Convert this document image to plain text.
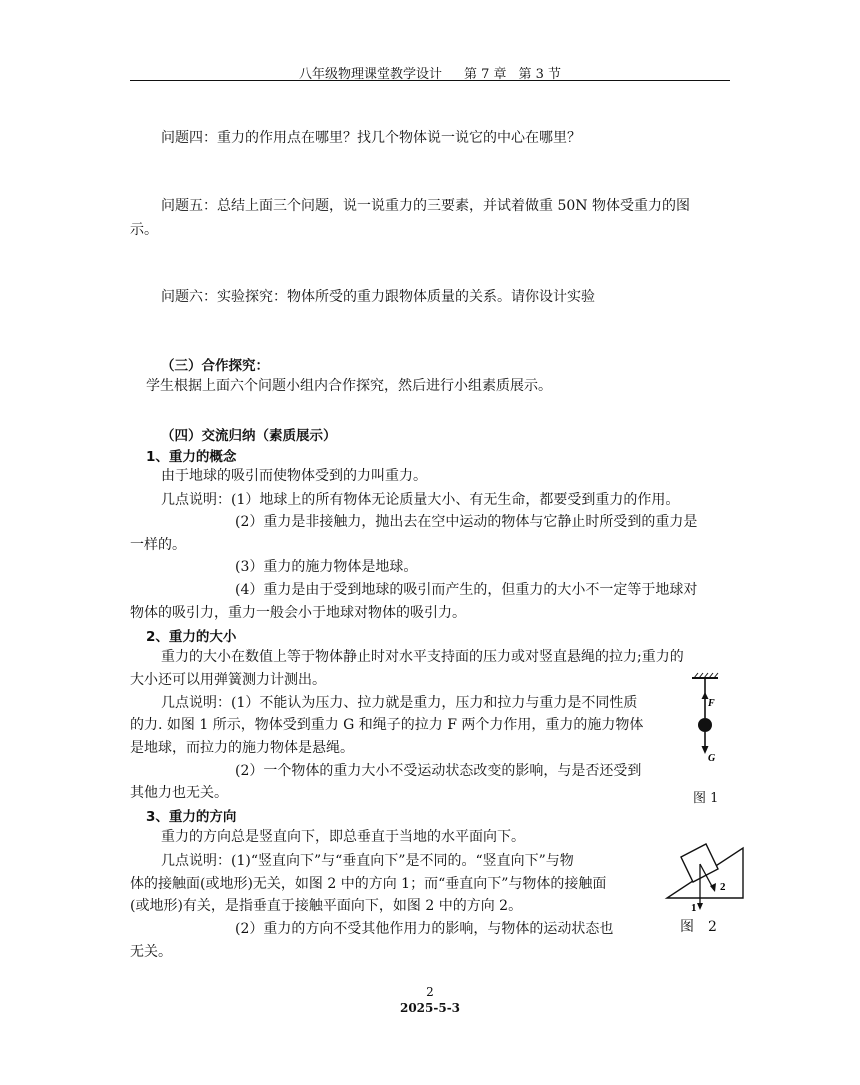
八年级物理课堂教学设计 第 7 章 第 3 节
问题四：重力的作用点在哪里？找几个物体说一说它的中心在哪里？
问题五：总结上面三个问题，说一说重力的三要素，并试着做重 50N 物体受重力的图
示。
问题六：实验探究：物体所受的重力跟物体质量的关系。请你设计实验
（三）合作探究：
学生根据上面六个问题小组内合作探究，然后进行小组素质展示。
（四）交流归纳（素质展示）
1、重力的概念
由于地球的吸引而使物体受到的力叫重力。
几点说明：(1）地球上的所有物体无论质量大小、有无生命，都要受到重力的作用。
(2）重力是非接触力，抛出去在空中运动的物体与它静止时所受到的重力是
一样的。
(3）重力的施力物体是地球。
(4）重力是由于受到地球的吸引而产生的，但重力的大小不一定等于地球对
物体的吸引力，重力一般会小于地球对物体的吸引力。
2、重力的大小
重力的大小在数值上等于物体静止时对水平支持面的压力或对竖直悬绳的拉力;重力的
大小还可以用弹簧测力计测出。
几点说明：(1）不能认为压力、拉力就是重力，压力和拉力与重力是不同性质
的力. 如图 1 所示，物体受到重力 G 和绳子的拉力 F 两个力作用，重力的施力物体
是地球，而拉力的施力物体是悬绳。
(2）一个物体的重力大小不受运动状态改变的影响，与是否还受到
其他力也无关。
3、重力的方向
重力的方向总是竖直向下，即总垂直于当地的水平面向下。
几点说明：(1)“竖直向下”与“垂直向下”是不同的。“竖直向下”与物
体的接触面(或地形)无关，如图 2 中的方向 1；而“垂直向下”与物体的接触面
(或地形)有关，是指垂直于接触平面向下，如图 2 中的方向 2。
(2）重力的方向不受其他作用力的影响，与物体的运动状态也
无关。
F
G
图 1
1
2
图　2
2
2025-5-3
